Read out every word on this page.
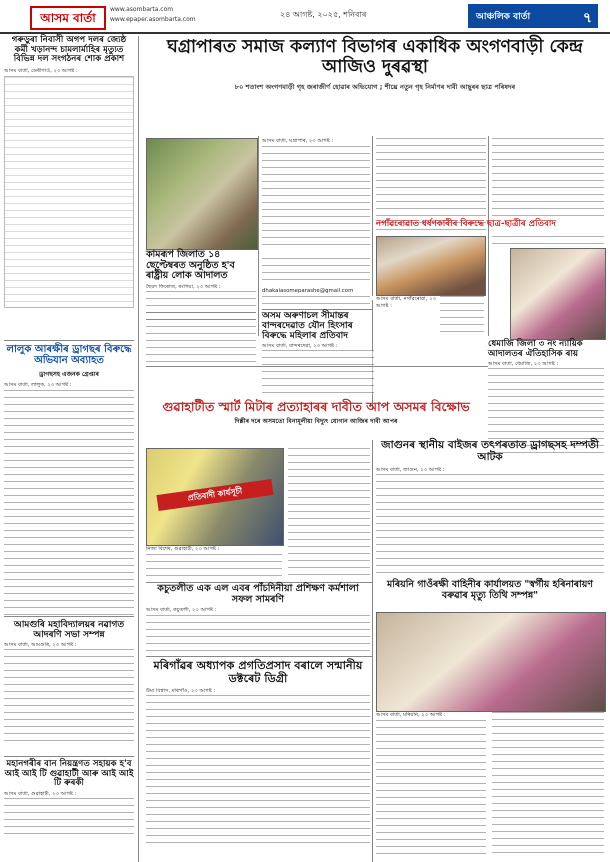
আসম বাৰ্তা
www.asombarta.com
www.epaper.asombarta.com
২৪ আগষ্ট, ২০২৫, শনিবাৰ	আঞ্চলিক বাৰ্তা	৭
গৰুড়ুৰা নিবাসী অগপ দলৰ জ্যেষ্ঠ কৰ্মী খড়ানন্দ চামলাৰ্মাহিৰ মৃত্যুত বিভিন্ন দল সংগঠনৰ শোক প্ৰকাশ
আসম বাৰ্তা, ডেৰীগাওঁ, ২৩ আগষ্ট :
লালুক আৰক্ষীৰ ড্ৰাগছৰ বিৰুদ্ধে অভিযান অব্যাহত
ড্ৰাগছসহ এজনক গ্ৰেপ্তাৰ
আসম বাৰ্তা, লালুক, ২৩ আগষ্ট :
আমগুৰি মহাবিদ্যালয়ৰ নৱাগত আদৰণি সভা সম্পন্ন
আসম বাৰ্তা, আমগুৰি, ২৩ আগষ্ট :
মহানগৰীৰ বান নিয়ন্ত্ৰণত সহায়ক হ'ব আই আই টি গুৱাহাটী আৰু আই আই টি ৰুৰকী
আসম বাৰ্তা, গুৱাহাটী, ২৩ আগষ্ট :
ঘগ্ৰাপাৰত সমাজ কল্যাণ বিভাগৰ একাধিক অংগণবাড়ী কেন্দ্ৰ আজিও দুৰৱস্থা
৮০ শতাংশ অংগণবাড়ী গৃহ জৰাজীৰ্ণ হোৱাৰ অভিযোগ ; শীঘ্ৰে নতুন গৃহ নিৰ্মাণৰ দাবী আছুৰৰ ছাত্ৰ পৰিষদৰ
আসম বাৰ্তা, ঘগ্ৰাপাৰ, ২৩ আগষ্ট :
নগাঁৱৰোৱাত ধৰ্ষণকাৰীৰ বিৰুদ্ধে ছাত্ৰ-ছাত্ৰীৰ প্ৰতিবাদ
আসম বাৰ্তা, নগাঁৱৰোৱা, ২৩ আগষ্ট :
কামৰূপ জিলাত ১৪ ছেপ্টেম্বৰত অনুষ্ঠিত হ'ব ৰাষ্ট্ৰীয় লোক আদালত
ছৈয়দ ফিৰোজ, ৰংগিয়া, ২৩ আগষ্ট :
dhakaiasomeparashe@gmail.com
অসম অৰুণাচল সীমান্তৰ বান্দৰদেৱাত যৌন হিংসাৰ বিৰুদ্ধে মহিলাৰ প্ৰতিবাদ
আসম বাৰ্তা, বান্দৰদেৱা, ২৩ আগষ্ট :	ধেমাজি জিলা ৩ নং ন্যায়িক আদালতৰ ঐতিহাসিক ৰায়
আসম বাৰ্তা, ধেমাজি, ২৩ আগষ্ট :
গুৱাহাটীত স্মাৰ্ট মিটাৰ প্ৰত্যাহাৰৰ দাবীত আপ অসমৰ বিক্ষোভ
দিল্লীৰ দৰে অসমতো বিনামূলীয়া বিদ্যুৎ যোগান আজিৰ দাবী আপৰ
প্ৰতিবাদী কাৰ্যসূচী
নিজা বিশেষ, গুৱাহাটী, ২৩ আগষ্ট :
জাগুনৰ স্থানীয় বাইজৰ তৎপৰতাত ড্ৰাগছসহ দম্পতী আটক
আসম বাৰ্তা, জাগুন, ২৩ আগষ্ট :
কচুতলীত এক এল এবৰ পাঁচদিনীয়া প্ৰশিক্ষণ কৰ্মশালা সফল সামৰণি
আসম বাৰ্তা, কচুতলী, ২৩ আগষ্ট :
মৰিগাঁৱৰ অধ্যাপক প্ৰগতিপ্ৰসাদ বৰালে সন্মানীয় ডক্টৰেট ডিগ্ৰী
উমা বিশ্বাস, মৰিগাঁও, ২৩ আগষ্ট :
মৰিয়নি গাওঁৰক্ষী বাহিনীৰ কাৰ্যালয়ত "স্বৰ্গীয় হৰিনাৰায়ণ বৰুৱাৰ মৃত্যু তিথি সম্পন্ন"
আসম বাৰ্তা, মৰিয়নি, ২৩ আগষ্ট :
